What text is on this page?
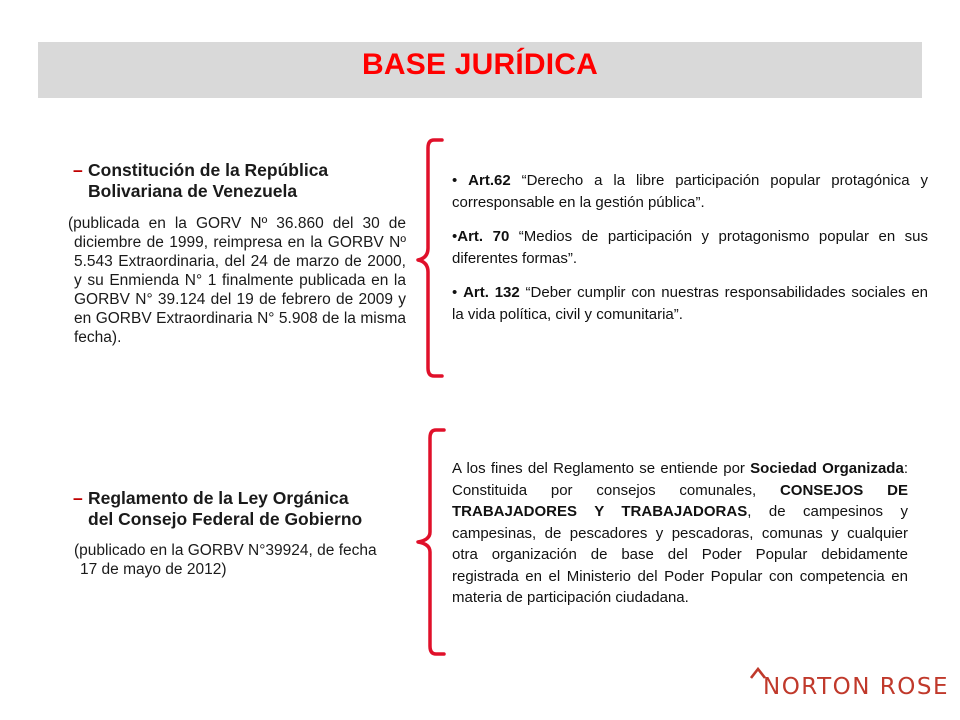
BASE JURÍDICA
– Constitución de la República
Bolivariana de Venezuela
(publicada en la GORV Nº 36.860 del 30 de diciembre de 1999, reimpresa en la GORBV Nº 5.543 Extraordinaria, del 24 de marzo de 2000, y su Enmienda N° 1 finalmente publicada en la GORBV N° 39.124 del 19 de febrero de 2009 y en GORBV Extraordinaria N° 5.908 de la misma fecha).
– Reglamento de la Ley Orgánica
del Consejo Federal de Gobierno
(publicado en la GORBV N°39924, de fecha 17 de mayo de 2012)
• Art.62 “Derecho a la libre participación popular protagónica y corresponsable en la gestión pública”.
•Art. 70 “Medios de participación y protagonismo popular en sus diferentes formas”.
• Art. 132 “Deber cumplir con nuestras responsabilidades sociales en la vida política, civil y comunitaria”.
A los fines del Reglamento se entiende por Sociedad Organizada: Constituida por consejos comunales, CONSEJOS DE TRABAJADORES Y TRABAJADORAS, de campesinos y campesinas, de pescadores y pescadoras, comunas y cualquier otra organización de base del Poder Popular debidamente registrada en el Ministerio del Poder Popular con competencia en materia de participación ciudadana.
NORTON ROSE
